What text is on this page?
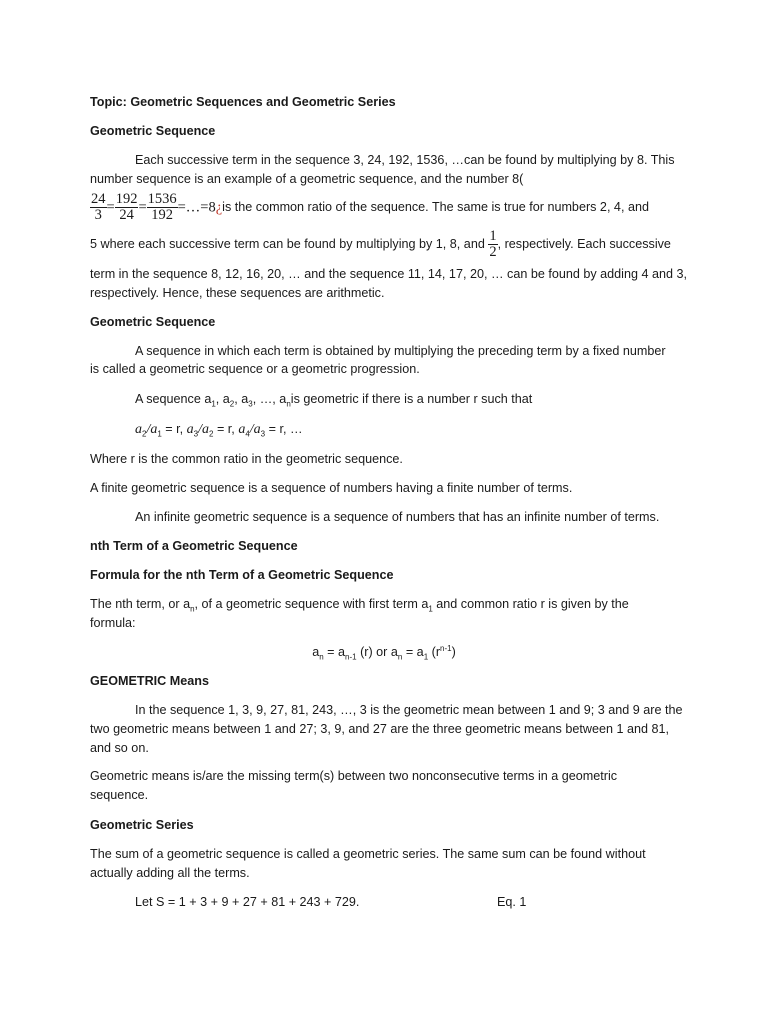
Topic: Geometric Sequences and Geometric Series
Geometric Sequence
Each successive term in the sequence 3, 24, 192, 1536, …can be found by multiplying by 8. This
number sequence is an example of a geometric sequence, and the number 8(
$\frac{24}{3} = \frac{192}{24} = \frac{1536}{192}$ =…=8¿is the common ratio of the sequence. The same is true for numbers 2, 4, and
5 where each successive term can be found by multiplying by 1, 8, and $\frac{1}{2}$ , respectively. Each successive
term in the sequence 8, 12, 16, 20, … and the sequence 11, 14, 17, 20, … can be found by adding 4 and 3,
respectively. Hence, these sequences are arithmetic.
Geometric Sequence
A sequence in which each term is obtained by multiplying the preceding term by a fixed number
is called a geometric sequence or a geometric progression.
A sequence $a_1$, $a_2$, $a_3$, …, $a_nis$ geometric if there is a number r such that
$a_2/a_1 = r$, $a_3/a_2 = r$, $a_4/a_3 = r$, …
Where r is the common ratio in the geometric sequence.
A finite geometric sequence is a sequence of numbers having a finite number of terms.
An infinite geometric sequence is a sequence of numbers that has an infinite number of terms.
nth Term of a Geometric Sequence
Formula for the nth Term of a Geometric Sequence
The nth term, or $a_n$, of a geometric sequence with first term $a_1$ and common ratio r is given by the
formula:
$a_n = a_{n-1}$ (r) or $a_n = a_1$ $(r^{n-1})$
GEOMETRIC Means
In the sequence 1, 3, 9, 27, 81, 243, …, 3 is the geometric mean between 1 and 9; 3 and 9 are the
two geometric means between 1 and 27; 3, 9, and 27 are the three geometric means between 1 and 81,
and so on.
Geometric means is/are the missing term(s) between two nonconsecutive terms in a geometric
sequence.
Geometric Series
The sum of a geometric sequence is called a geometric series. The same sum can be found without
actually adding all the terms.
Let S = 1 + 3 + 9 + 27 + 81 + 243 + 729.	Eq. 1
